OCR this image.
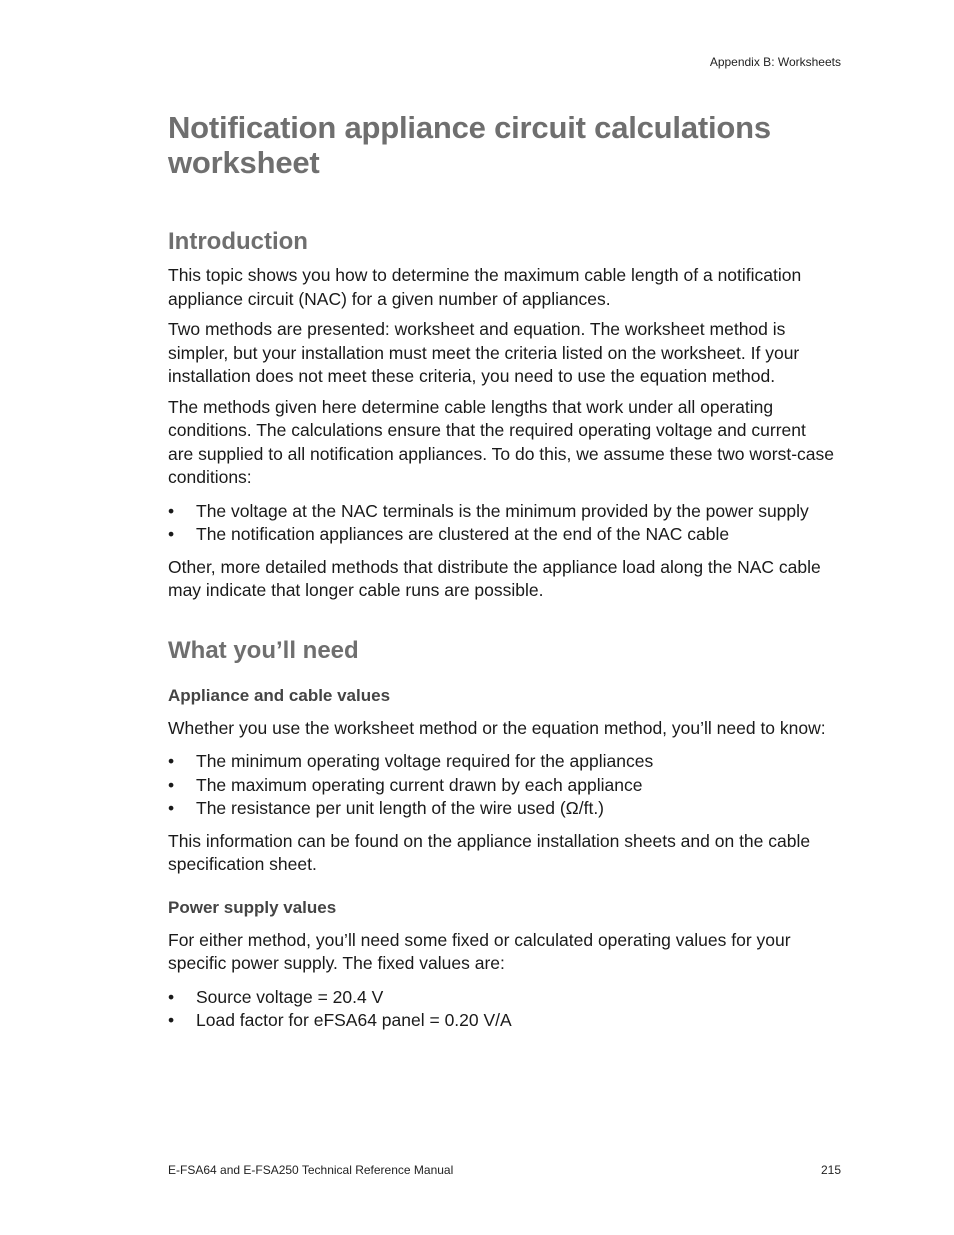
Appendix B: Worksheets
Notification appliance circuit calculations worksheet
Introduction

This topic shows you how to determine the maximum cable length of a notification appliance circuit (NAC) for a given number of appliances.

Two methods are presented: worksheet and equation. The worksheet method is simpler, but your installation must meet the criteria listed on the worksheet. If your installation does not meet these criteria, you need to use the equation method.

The methods given here determine cable lengths that work under all operating conditions. The calculations ensure that the required operating voltage and current are supplied to all notification appliances. To do this, we assume these two worst-case conditions:

•	The voltage at the NAC terminals is the minimum provided by the power supply
•	The notification appliances are clustered at the end of the NAC cable

Other, more detailed methods that distribute the appliance load along the NAC cable may indicate that longer cable runs are possible.

What you’ll need
Appliance and cable values

Whether you use the worksheet method or the equation method, you’ll need to know:

•	The minimum operating voltage required for the appliances
•	The maximum operating current drawn by each appliance
•	The resistance per unit length of the wire used (Ω/ft.)

This information can be found on the appliance installation sheets and on the cable specification sheet.

Power supply values

For either method, you’ll need some fixed or calculated operating values for your specific power supply. The fixed values are:

•	Source voltage = 20.4 V
•	Load factor for eFSA64 panel = 0.20 V/A
E-FSA64 and E-FSA250 Technical Reference Manual	215
